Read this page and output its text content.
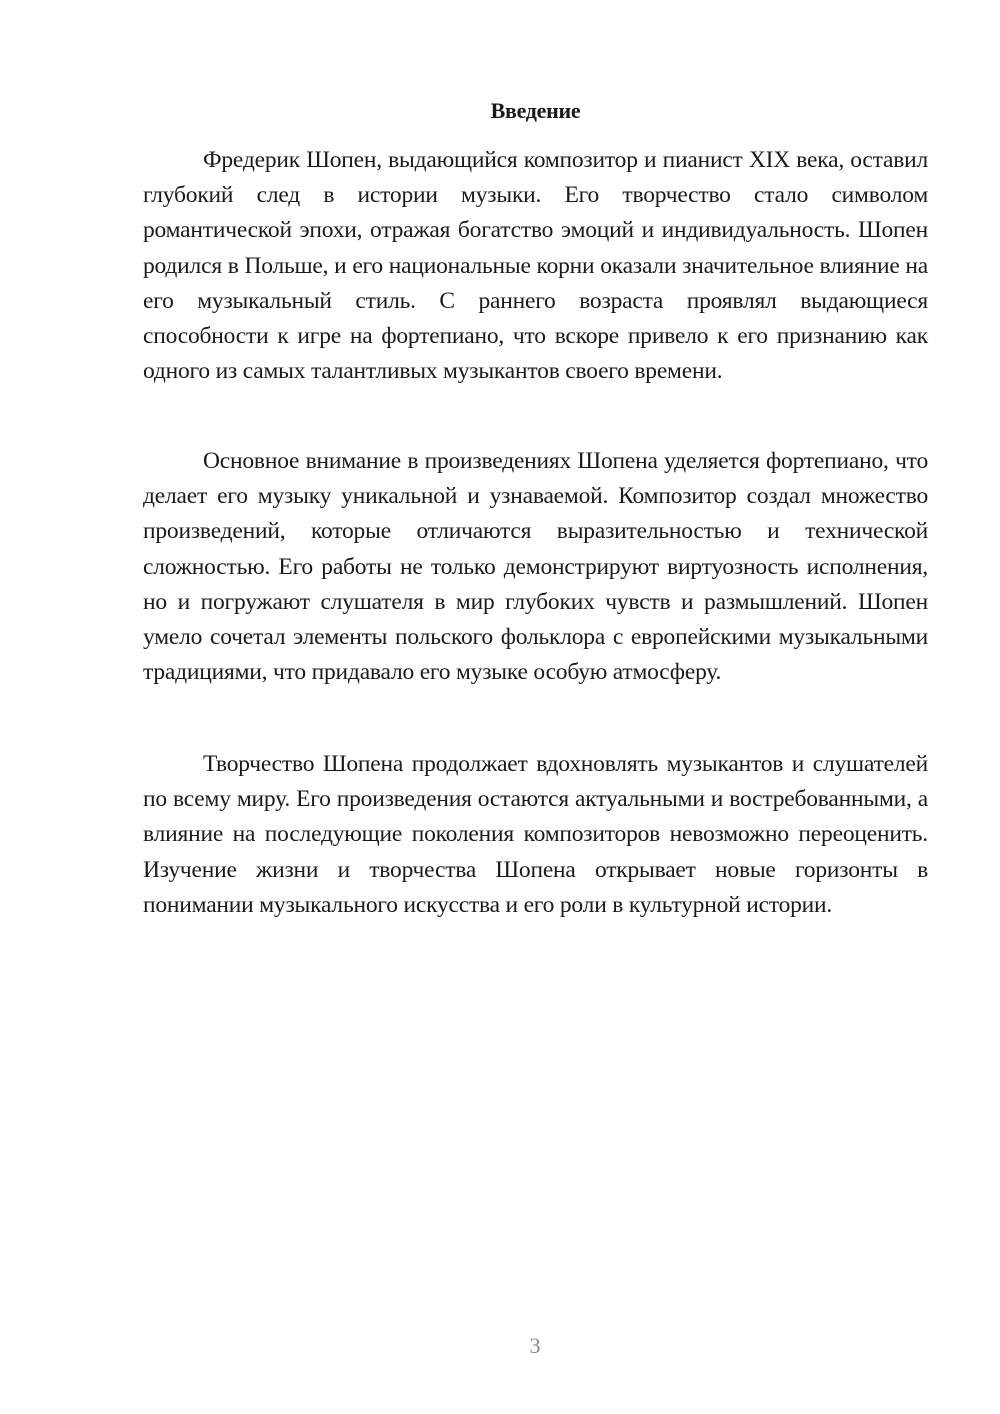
Введение

Фредерик Шопен, выдающийся композитор и пианист XIX века, оставил глубокий след в истории музыки. Его творчество стало символом романтической эпохи, отражая богатство эмоций и индивидуальность. Шопен родился в Польше, и его национальные корни оказали значительное влияние на его музыкальный стиль. С раннего возраста проявлял выдающиеся способности к игре на фортепиано, что вскоре привело к его признанию как одного из самых талантливых музыкантов своего времени.

Основное внимание в произведениях Шопена уделяется фортепиано, что делает его музыку уникальной и узнаваемой. Композитор создал множество произведений, которые отличаются выразительностью и технической сложностью. Его работы не только демонстрируют виртуозность исполнения, но и погружают слушателя в мир глубоких чувств и размышлений. Шопен умело сочетал элементы польского фольклора с европейскими музыкальными традициями, что придавало его музыке особую атмосферу.

Творчество Шопена продолжает вдохновлять музыкантов и слушателей по всему миру. Его произведения остаются актуальными и востребованными, а влияние на последующие поколения композиторов невозможно переоценить. Изучение жизни и творчества Шопена открывает новые горизонты в понимании музыкального искусства и его роли в культурной истории.

3
